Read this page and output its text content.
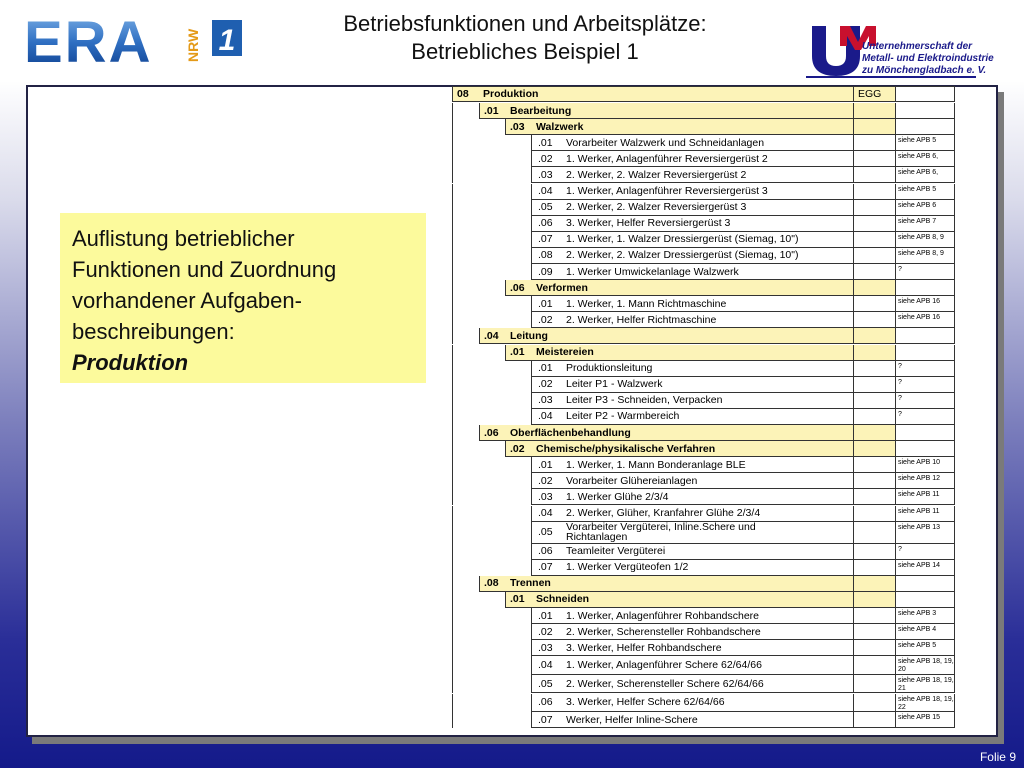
ERA NRW 1
Betriebsfunktionen und Arbeitsplätze:
Betriebliches Beispiel 1	Unternehmerschaft der
Metall- und Elektroindustrie
zu Mönchengladbach e. V.
Auflistung betrieblicher
Funktionen und Zuordnung
vorhandener Aufgaben-
beschreibungen:
Produktion
08 Produktion	EGG
.01 Bearbeitung
.03 Walzwerk
.01 Vorarbeiter Walzwerk und Schneidanlagen	siehe APB 5
.02 1. Werker, Anlagenführer Reversiergerüst 2	siehe APB 6,
.03 2. Werker, 2. Walzer Reversiergerüst 2	siehe APB 6,
.04 1. Werker, Anlagenführer Reversiergerüst 3	siehe APB 5
.05 2. Werker, 2. Walzer Reversiergerüst 3	siehe APB 6
.06 3. Werker, Helfer Reversiergerüst 3	siehe APB 7
.07 1. Werker, 1. Walzer Dressiergerüst (Siemag, 10")	siehe APB 8, 9
.08 2. Werker, 2. Walzer Dressiergerüst (Siemag, 10")	siehe APB 8, 9
.09 1. Werker Umwickelanlage Walzwerk	?
.06 Verformen
.01 1. Werker, 1. Mann Richtmaschine	siehe APB 16
.02 2. Werker, Helfer Richtmaschine	siehe APB 16
.04 Leitung
.01 Meistereien
.01 Produktionsleitung	?
.02 Leiter P1 - Walzwerk	?
.03 Leiter P3 - Schneiden, Verpacken	?
.04 Leiter P2 - Warmbereich	?
.06 Oberflächenbehandlung
.02 Chemische/physikalische Verfahren
.01 1. Werker, 1. Mann Bonderanlage BLE	siehe APB 10
.02 Vorarbeiter Glühereianlagen	siehe APB 12
.03 1. Werker Glühe 2/3/4	siehe APB 11
.04 2. Werker, Glüher, Kranfahrer Glühe 2/3/4	siehe APB 11
.05 Vorarbeiter Vergüterei, Inline.Schere und
Richtanlagen
siehe APB 13
.06 Teamleiter Vergüterei	?
.07 1. Werker Vergüteofen 1/2	siehe APB 14
.08 Trennen
.01 Schneiden
.01 1. Werker, Anlagenführer Rohbandschere	siehe APB 3
.02 2. Werker, Scherensteller Rohbandschere	siehe APB 4
.03 3. Werker, Helfer Rohbandschere	siehe APB 5
.04 1. Werker, Anlagenführer Schere 62/64/66	siehe APB 18, 19, 20
.05 2. Werker, Scherensteller Schere 62/64/66	siehe APB 18, 19, 21
.06 3. Werker, Helfer Schere 62/64/66	siehe APB 18, 19, 22
.07 Werker, Helfer Inline-Schere	siehe APB 15
Folie 9
